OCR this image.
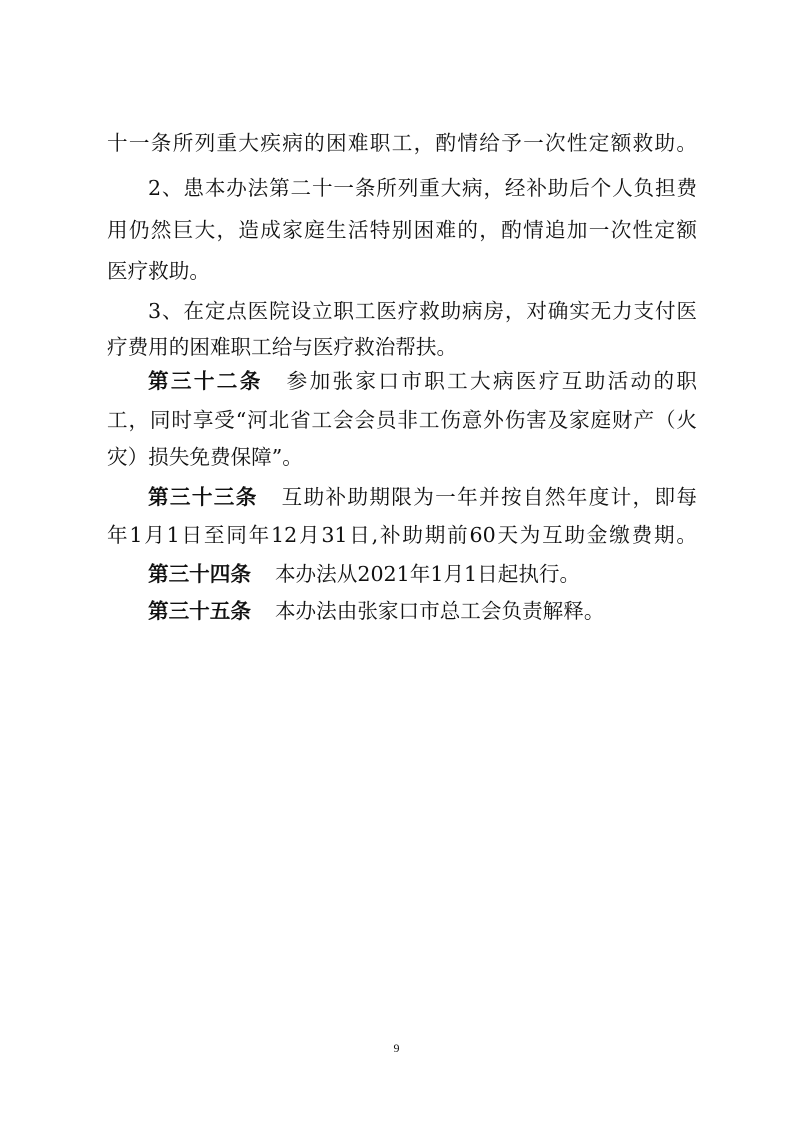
十一条所列重大疾病的困难职工，酌情给予一次性定额救助。
2、患本办法第二十一条所列重大病，经补助后个人负担费
用仍然巨大，造成家庭生活特别困难的，酌情追加一次性定额
医疗救助。
3、在定点医院设立职工医疗救助病房，对确实无力支付医
疗费用的困难职工给与医疗救治帮扶。
第三十二条 参加张家口市职工大病医疗互助活动的职
工，同时享受“河北省工会会员非工伤意外伤害及家庭财产（火
灾）损失免费保障”。
第三十三条 互助补助期限为一年并按自然年度计，即每
年1月1日至同年12月31日,补助期前60天为互助金缴费期。
第三十四条 本办法从2021年1月1日起执行。
第三十五条 本办法由张家口市总工会负责解释。
9
